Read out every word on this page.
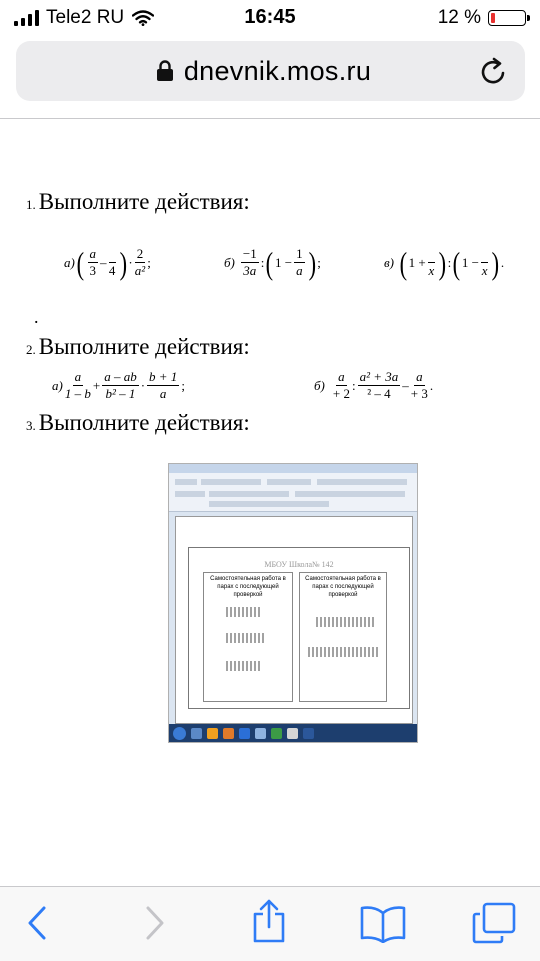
Tele2 RU	16:45	12 %
dnevnik.mos.ru
1. Выполните действия:
а) ( $\frac{a}{3}$ –

4 ) · $\frac{2}{\text{a²}}$ ;	$б) \frac{-1}{3a}$ : ( $1 - \frac{1}{a}$ ) ;	в) ( 1 +

x ) : ( 1 −

x ) .
.
2. Выполните действия:
$а) \frac{a}{1 - b} + \frac{a - ab}{\text{b² – 1}} \cdot \frac{b + 1}{a}$ ;	$б) \frac{a}{+ 2}$ : $\frac{\text{a² + 3a}}{\text{² – 4}} - \frac{a}{+ 3}$ .
3. Выполните действия:
МБОУ Школа№ 142
Самостоятельная работа в парах с последующей проверкой
Самостоятельная работа в парах с последующей проверкой
